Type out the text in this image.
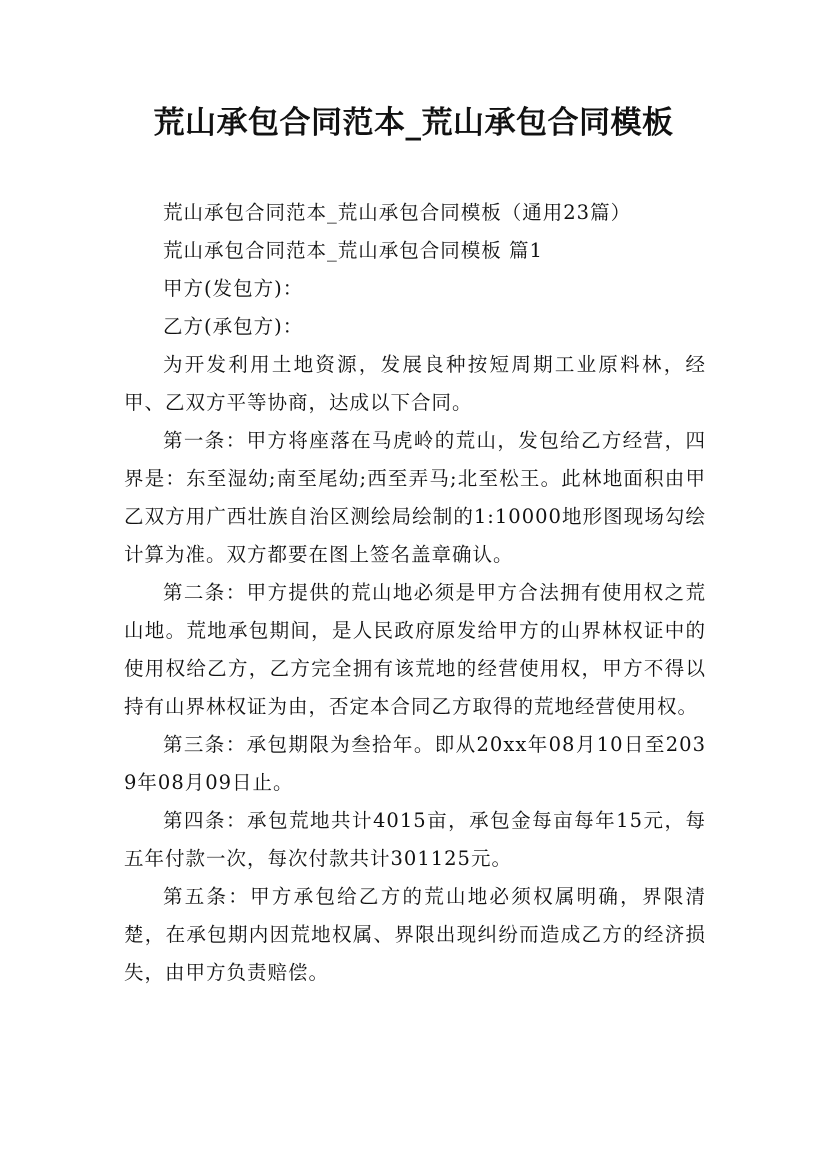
荒山承包合同范本_荒山承包合同模板

荒山承包合同范本_荒山承包合同模板（通用23篇）

荒山承包合同范本_荒山承包合同模板 篇1

甲方(发包方)：

乙方(承包方)：

为开发利用土地资源，发展良种按短周期工业原料林，经甲、乙双方平等协商，达成以下合同。

第一条：甲方将座落在马虎岭的荒山，发包给乙方经营，四界是：东至湿幼;南至尾幼;西至弄马;北至松王。此林地面积由甲乙双方用广西壮族自治区测绘局绘制的1:10000地形图现场勾绘计算为准。双方都要在图上签名盖章确认。

第二条：甲方提供的荒山地必须是甲方合法拥有使用权之荒山地。荒地承包期间，是人民政府原发给甲方的山界林权证中的使用权给乙方，乙方完全拥有该荒地的经营使用权，甲方不得以持有山界林权证为由，否定本合同乙方取得的荒地经营使用权。

第三条：承包期限为叁拾年。即从20xx年08月10日至2039年08月09日止。

第四条：承包荒地共计4015亩，承包金每亩每年15元，每五年付款一次，每次付款共计301125元。

第五条：甲方承包给乙方的荒山地必须权属明确，界限清楚，在承包期内因荒地权属、界限出现纠纷而造成乙方的经济损失，由甲方负责赔偿。
